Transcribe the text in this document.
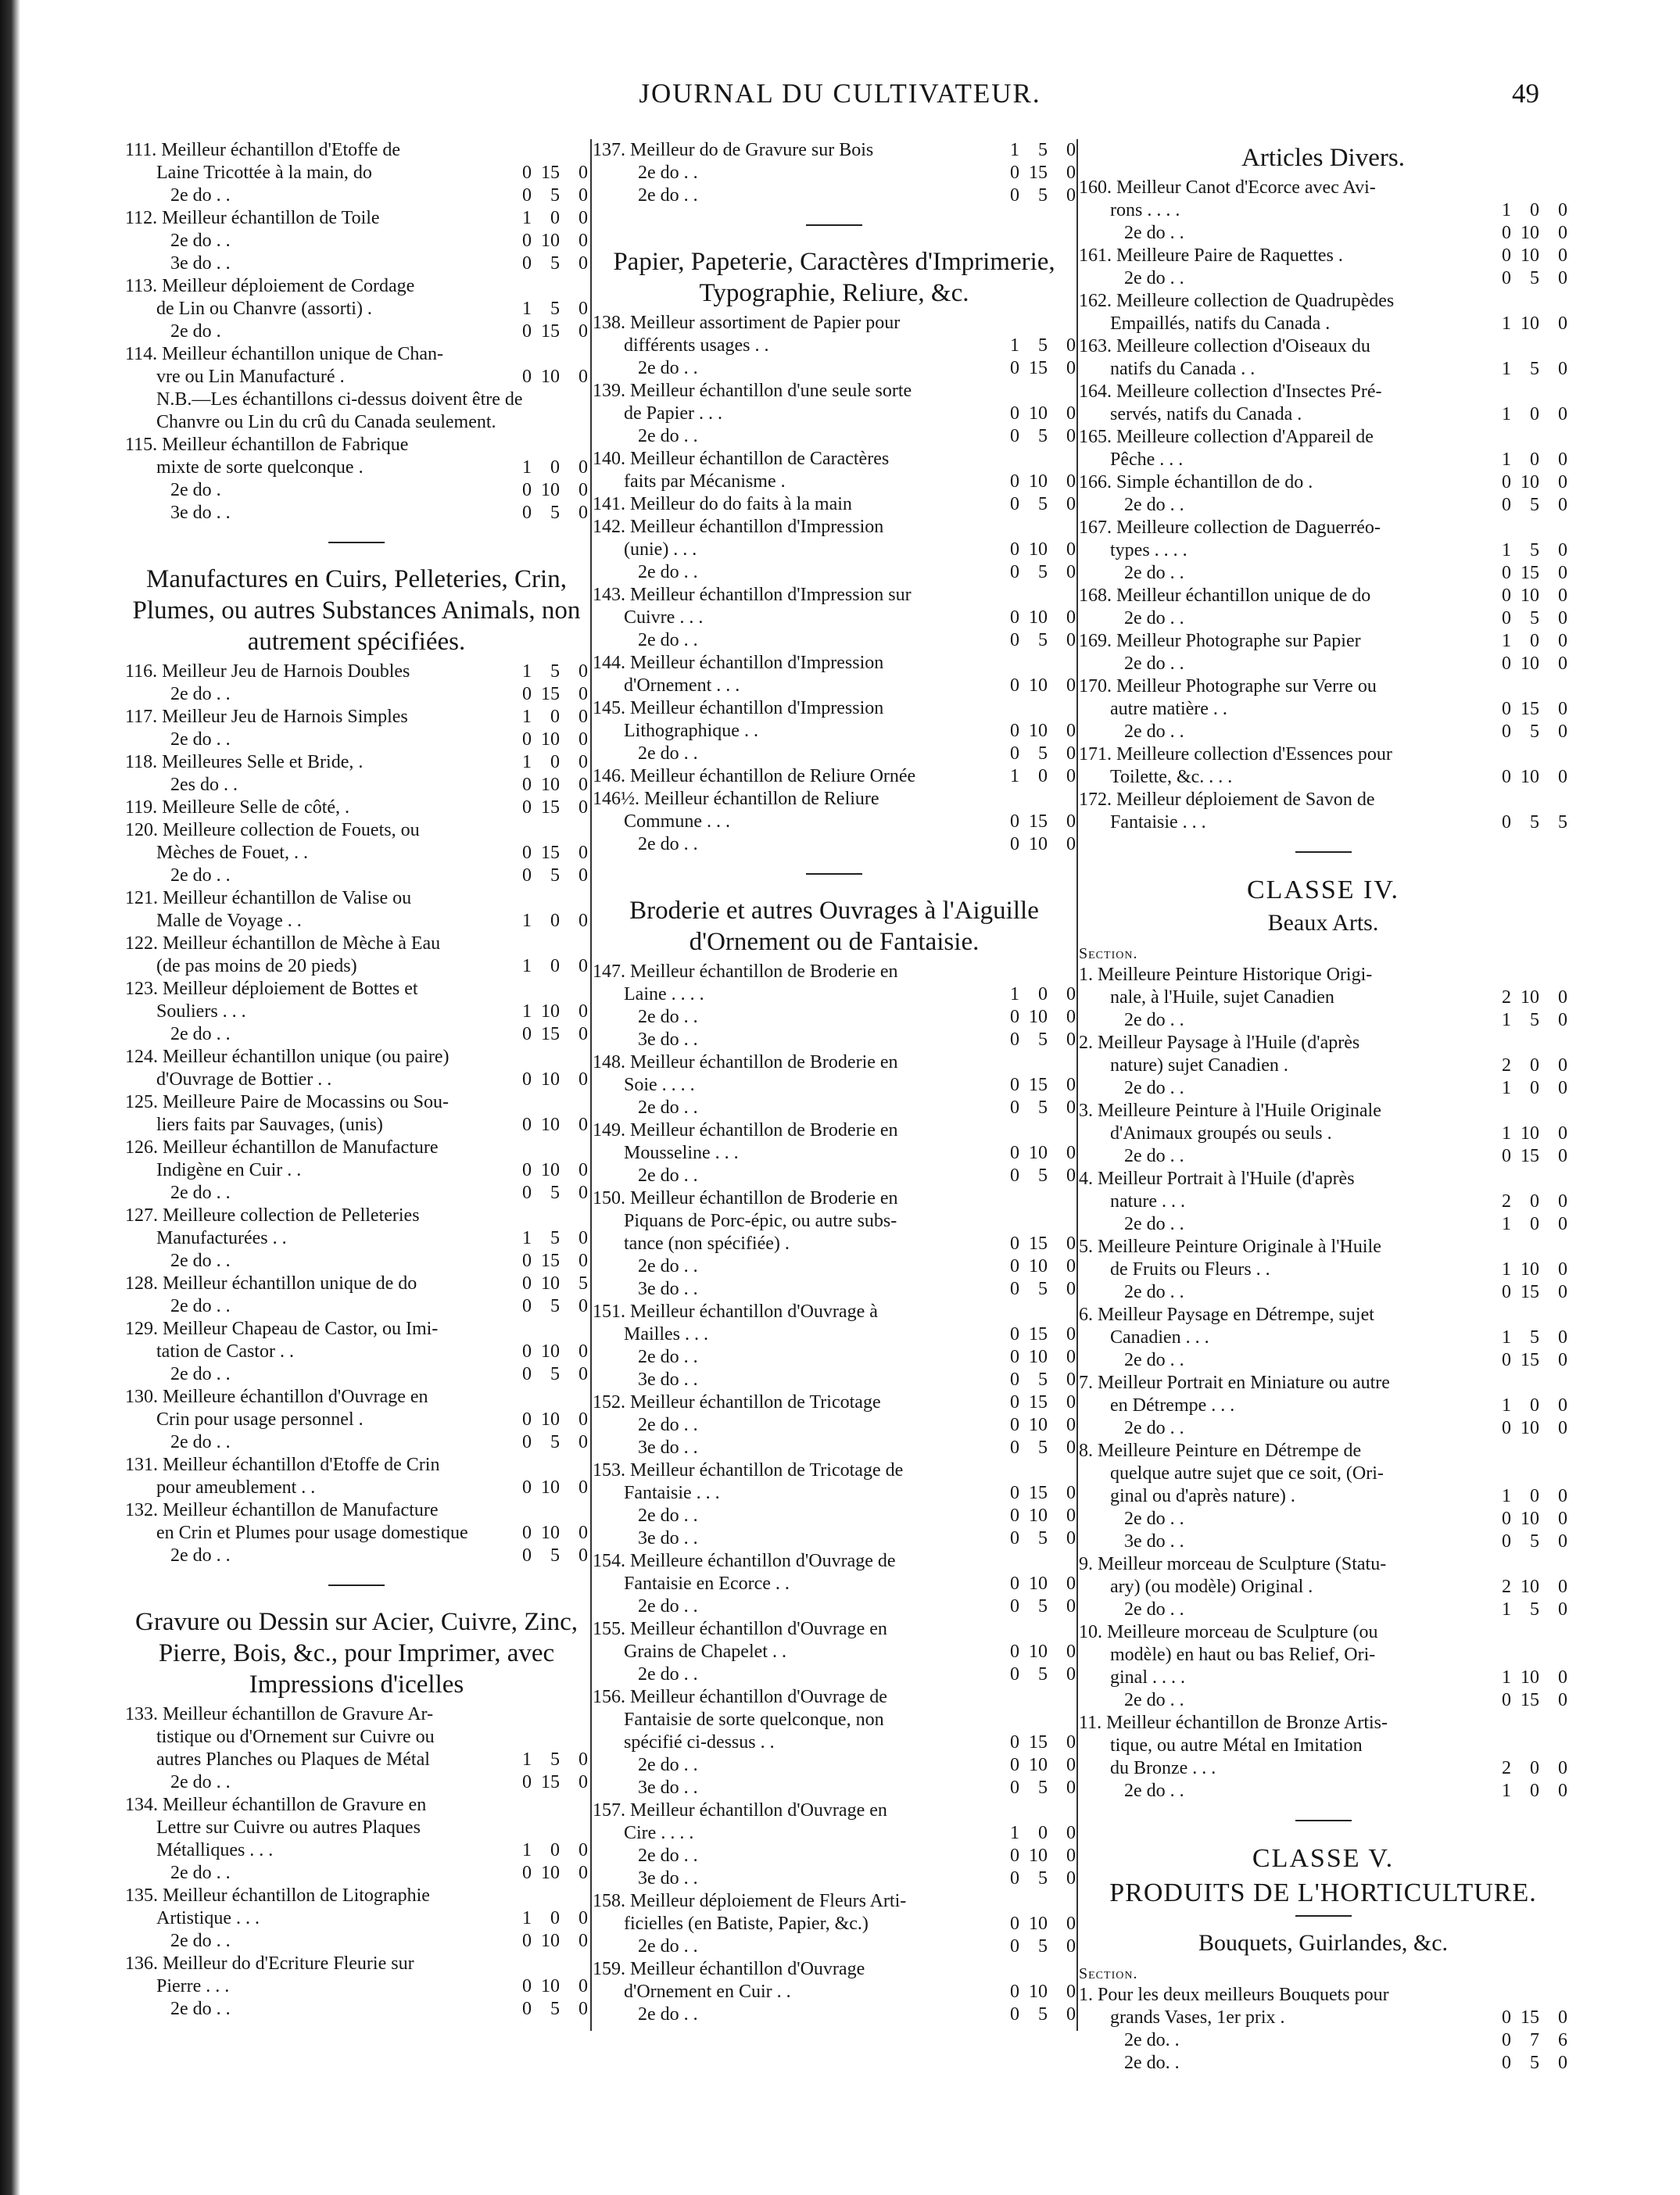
JOURNAL DU CULTIVATEUR.	49
111. Meilleur échantillon d'Etoffe de
Laine Tricottée à la main, do	0 15	0
2e do . .	0	5	0
112. Meilleur échantillon de Toile	1	0	0
2e do . .	0 10	0
3e do . .	0	5	0
113. Meilleur déploiement de Cordage
de Lin ou Chanvre (assorti) .	1	5	0
2e do .	0 15	0
114. Meilleur échantillon unique de Chan-
vre ou Lin Manufacturé .	0 10	0
N.B.—Les échantillons ci-dessus doivent être de Chanvre ou Lin du crû du Canada seulement.
115. Meilleur échantillon de Fabrique
mixte de sorte quelconque .	1	0	0
2e do .	0 10	0
3e do . .	0	5	0
Manufactures en Cuirs, Pelleteries, Crin, Plumes, ou autres Substances Animals, non autrement spécifiées.
116. Meilleur Jeu de Harnois Doubles	1	5	0
2e do . .	0 15	0
117. Meilleur Jeu de Harnois Simples	1	0	0
2e do . .	0 10	0
118. Meilleures Selle et Bride, .	1	0	0
2es do . .	0 10	0
119. Meilleure Selle de côté, .	0 15	0
120. Meilleure collection de Fouets, ou
Mèches de Fouet, . .	0 15	0
2e do . .	0	5	0
121. Meilleur échantillon de Valise ou
Malle de Voyage . .	1	0	0
122. Meilleur échantillon de Mèche à Eau
(de pas moins de 20 pieds)	1	0	0
123. Meilleur déploiement de Bottes et
Souliers . . .	1 10	0
2e do . .	0 15	0
124. Meilleur échantillon unique (ou paire)
d'Ouvrage de Bottier . .	0 10	0
125. Meilleure Paire de Mocassins ou Sou-
liers faits par Sauvages, (unis)	0 10	0
126. Meilleur échantillon de Manufacture
Indigène en Cuir . .	0 10	0
2e do . .	0	5	0
127. Meilleure collection de Pelleteries
Manufacturées . .	1	5	0
2e do . .	0 15	0
128. Meilleur échantillon unique de do	0 10	5
2e do . .	0	5	0
129. Meilleur Chapeau de Castor, ou Imi-
tation de Castor . .	0 10	0
2e do . .	0	5	0
130. Meilleure échantillon d'Ouvrage en
Crin pour usage personnel .	0 10	0
2e do . .	0	5	0
131. Meilleur échantillon d'Etoffe de Crin
pour ameublement . .	0 10	0
132. Meilleur échantillon de Manufacture
en Crin et Plumes pour usage domestique	0 10	0
2e do . .	0	5	0
Gravure ou Dessin sur Acier, Cuivre, Zinc, Pierre, Bois, &c., pour Imprimer, avec Impressions d'icelles
133. Meilleur échantillon de Gravure Ar-
tistique ou d'Ornement sur Cuivre ou
autres Planches ou Plaques de Métal	1	5	0
2e do . .	0 15	0
134. Meilleur échantillon de Gravure en
Lettre sur Cuivre ou autres Plaques
Métalliques . . .	1	0	0
2e do . .	0 10	0
135. Meilleur échantillon de Litographie
Artistique . . .	1	0	0
2e do . .	0 10	0
136. Meilleur do d'Ecriture Fleurie sur
Pierre . . .	0 10	0
2e do . .	0	5	0
137. Meilleur do de Gravure sur Bois	1	5	0
2e do . .	0 15	0
2e do . .	0	5	0
Papier, Papeterie, Caractères d'Imprimerie, Typographie, Reliure, &c.
138. Meilleur assortiment de Papier pour
différents usages . .	1	5	0
2e do . .	0 15	0
139. Meilleur échantillon d'une seule sorte
de Papier . . .	0 10	0
2e do . .	0	5	0
140. Meilleur échantillon de Caractères
faits par Mécanisme .	0 10	0
141. Meilleur do do faits à la main	0	5	0
142. Meilleur échantillon d'Impression
(unie) . . .	0 10	0
2e do . .	0	5	0
143. Meilleur échantillon d'Impression sur
Cuivre . . .	0 10	0
2e do . .	0	5	0
144. Meilleur échantillon d'Impression
d'Ornement . . .	0 10	0
145. Meilleur échantillon d'Impression
Lithographique . .	0 10	0
2e do . .	0	5	0
146. Meilleur échantillon de Reliure Ornée	1	0	0
146½. Meilleur échantillon de Reliure
Commune . . .	0 15	0
2e do . .	0 10	0
Broderie et autres Ouvrages à l'Aiguille d'Ornement ou de Fantaisie.
147. Meilleur échantillon de Broderie en
Laine . . . .	1	0	0
2e do . .	0 10	0
3e do . .	0	5	0
148. Meilleur échantillon de Broderie en
Soie . . . .	0 15	0
2e do . .	0	5	0
149. Meilleur échantillon de Broderie en
Mousseline . . .	0 10	0
2e do . .	0	5	0
150. Meilleur échantillon de Broderie en
Piquans de Porc-épic, ou autre subs-
tance (non spécifiée) .	0 15	0
2e do . .	0 10	0
3e do . .	0	5	0
151. Meilleur échantillon d'Ouvrage à
Mailles . . .	0 15	0
2e do . .	0 10	0
3e do . .	0	5	0
152. Meilleur échantillon de Tricotage	0 15	0
2e do . .	0 10	0
3e do . .	0	5	0
153. Meilleur échantillon de Tricotage de
Fantaisie . . .	0 15	0
2e do . .	0 10	0
3e do . .	0	5	0
154. Meilleure échantillon d'Ouvrage de
Fantaisie en Ecorce . .	0 10	0
2e do . .	0	5	0
155. Meilleur échantillon d'Ouvrage en
Grains de Chapelet . .	0 10	0
2e do . .	0	5	0
156. Meilleur échantillon d'Ouvrage de
Fantaisie de sorte quelconque, non
spécifié ci-dessus . .	0 15	0
2e do . .	0 10	0
3e do . .	0	5	0
157. Meilleur échantillon d'Ouvrage en
Cire . . . .	1	0	0
2e do . .	0 10	0
3e do . .	0	5	0
158. Meilleur déploiement de Fleurs Arti-
ficielles (en Batiste, Papier, &c.)	0 10	0
2e do . .	0	5	0
159. Meilleur échantillon d'Ouvrage
d'Ornement en Cuir . .	0 10	0
2e do . .	0	5	0
Articles Divers.
160. Meilleur Canot d'Ecorce avec Avi-
rons . . . .	1	0	0
2e do . .	0 10	0
161. Meilleure Paire de Raquettes .	0 10	0
2e do . .	0	5	0
162. Meilleure collection de Quadrupèdes
Empaillés, natifs du Canada .	1 10	0
163. Meilleure collection d'Oiseaux du
natifs du Canada . .	1	5	0
164. Meilleure collection d'Insectes Pré-
servés, natifs du Canada .	1	0	0
165. Meilleure collection d'Appareil de
Pêche . . .	1	0	0
166. Simple échantillon de do .	0 10	0
2e do . .	0	5	0
167. Meilleure collection de Daguerréo-
types . . . .	1	5	0
2e do . .	0 15	0
168. Meilleur échantillon unique de do	0 10	0
2e do . .	0	5	0
169. Meilleur Photographe sur Papier	1	0	0
2e do . .	0 10	0
170. Meilleur Photographe sur Verre ou
autre matière . .	0 15	0
2e do . .	0	5	0
171. Meilleure collection d'Essences pour
Toilette, &c. . . .	0 10	0
172. Meilleur déploiement de Savon de
Fantaisie . . .	0	5	5
CLASSE IV.
Beaux Arts.
Section.
1. Meilleure Peinture Historique Origi-
nale, à l'Huile, sujet Canadien	2 10	0
2e do . .	1	5	0
2. Meilleur Paysage à l'Huile (d'après
nature) sujet Canadien .	2	0	0
2e do . .	1	0	0
3. Meilleure Peinture à l'Huile Originale
d'Animaux groupés ou seuls .	1 10	0
2e do . .	0 15	0
4. Meilleur Portrait à l'Huile (d'après
nature . . .	2	0	0
2e do . .	1	0	0
5. Meilleure Peinture Originale à l'Huile
de Fruits ou Fleurs . .	1 10	0
2e do . .	0 15	0
6. Meilleur Paysage en Détrempe, sujet
Canadien . . .	1	5	0
2e do . .	0 15	0
7. Meilleur Portrait en Miniature ou autre
en Détrempe . . .	1	0	0
2e do . .	0 10	0
8. Meilleure Peinture en Détrempe de
quelque autre sujet que ce soit, (Ori-
ginal ou d'après nature) .	1	0	0
2e do . .	0 10	0
3e do . .	0	5	0
9. Meilleur morceau de Sculpture (Statu-
ary) (ou modèle) Original .	2 10	0
2e do . .	1	5	0
10. Meilleure morceau de Sculpture (ou
modèle) en haut ou bas Relief, Ori-
ginal . . . .	1 10	0
2e do . .	0 15	0
11. Meilleur échantillon de Bronze Artis-
tique, ou autre Métal en Imitation
du Bronze . . .	2	0	0
2e do . .	1	0	0
CLASSE V.
PRODUITS DE L'HORTICULTURE.
Bouquets, Guirlandes, &c.
Section.
1. Pour les deux meilleurs Bouquets pour
grands Vases, 1er prix .	0 15	0
2e do. .	0	7	6
2e do. .	0	5	0
